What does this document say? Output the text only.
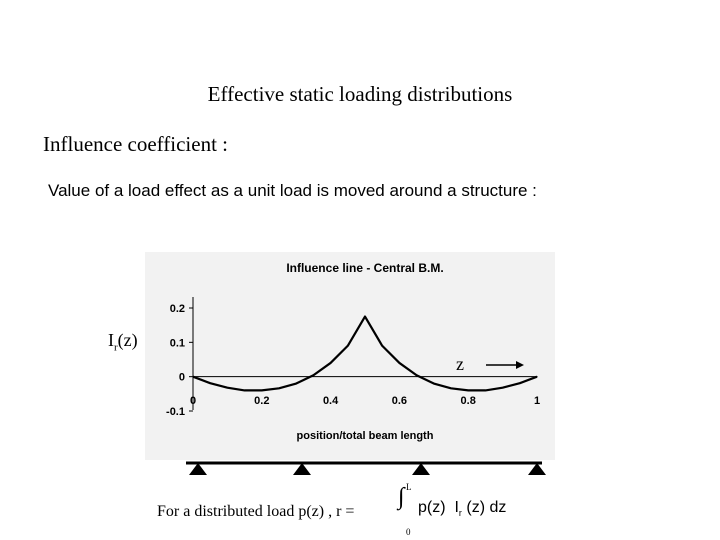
Effective static loading distributions
Influence coefficient :
Value of a load effect as a unit load is moved around a structure :
Influence line - Central B.M.
position/total beam length
0.2
0.1
0
-0.1
0	0.2	0.4	0.6	0.8	1
$I_r(z)$
z
For a distributed load p(z) , r =
∫ L
0
p(z) $I_r$ (z) dz
